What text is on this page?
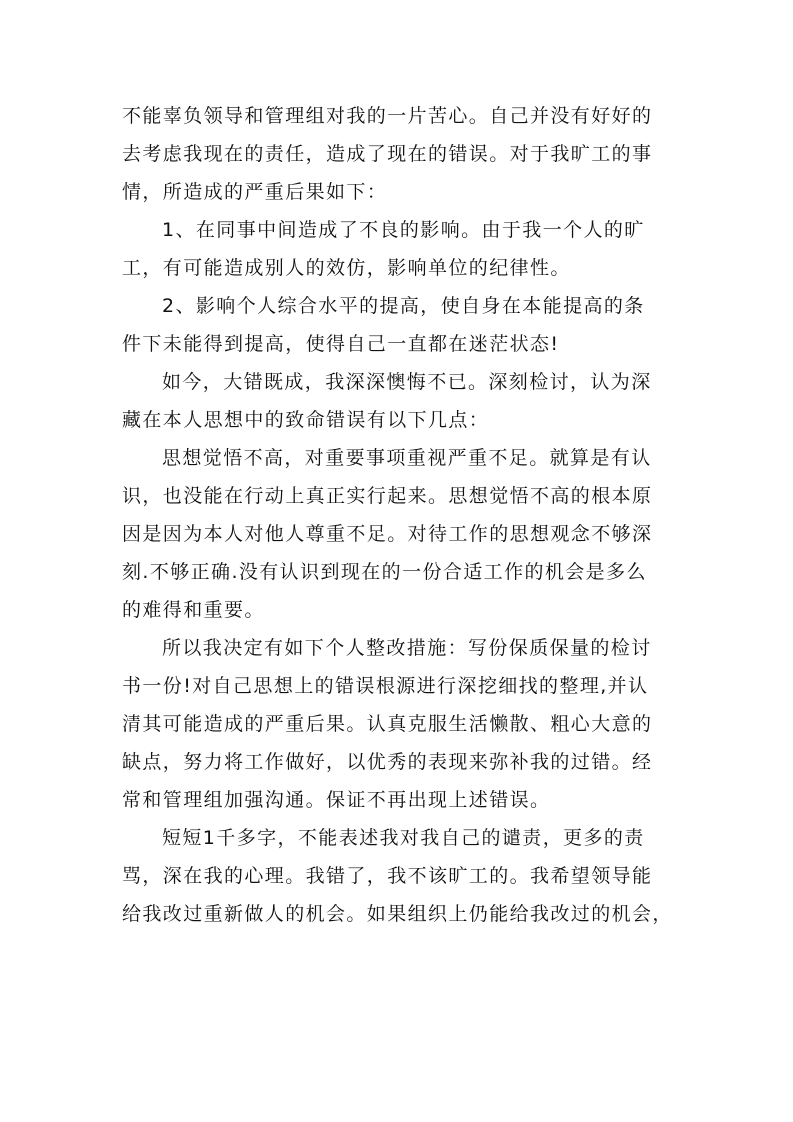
不能辜负领导和管理组对我的一片苦心。自己并没有好好的
去考虑我现在的责任，造成了现在的错误。对于我旷工的事
情，所造成的严重后果如下：
1、在同事中间造成了不良的影响。由于我一个人的旷
工，有可能造成别人的效仿，影响单位的纪律性。
2、影响个人综合水平的提高，使自身在本能提高的条
件下未能得到提高，使得自己一直都在迷茫状态!
如今，大错既成，我深深懊悔不已。深刻检讨，认为深
藏在本人思想中的致命错误有以下几点：
思想觉悟不高，对重要事项重视严重不足。就算是有认
识，也没能在行动上真正实行起来。思想觉悟不高的根本原
因是因为本人对他人尊重不足。对待工作的思想观念不够深
刻.不够正确.没有认识到现在的一份合适工作的机会是多么
的难得和重要。
所以我决定有如下个人整改措施：写份保质保量的检讨
书一份!对自己思想上的错误根源进行深挖细找的整理,并认
清其可能造成的严重后果。认真克服生活懒散、粗心大意的
缺点，努力将工作做好，以优秀的表现来弥补我的过错。经
常和管理组加强沟通。保证不再出现上述错误。
短短1千多字，不能表述我对我自己的谴责，更多的责
骂，深在我的心理。我错了，我不该旷工的。我希望领导能
给我改过重新做人的机会。如果组织上仍能给我改过的机会，
